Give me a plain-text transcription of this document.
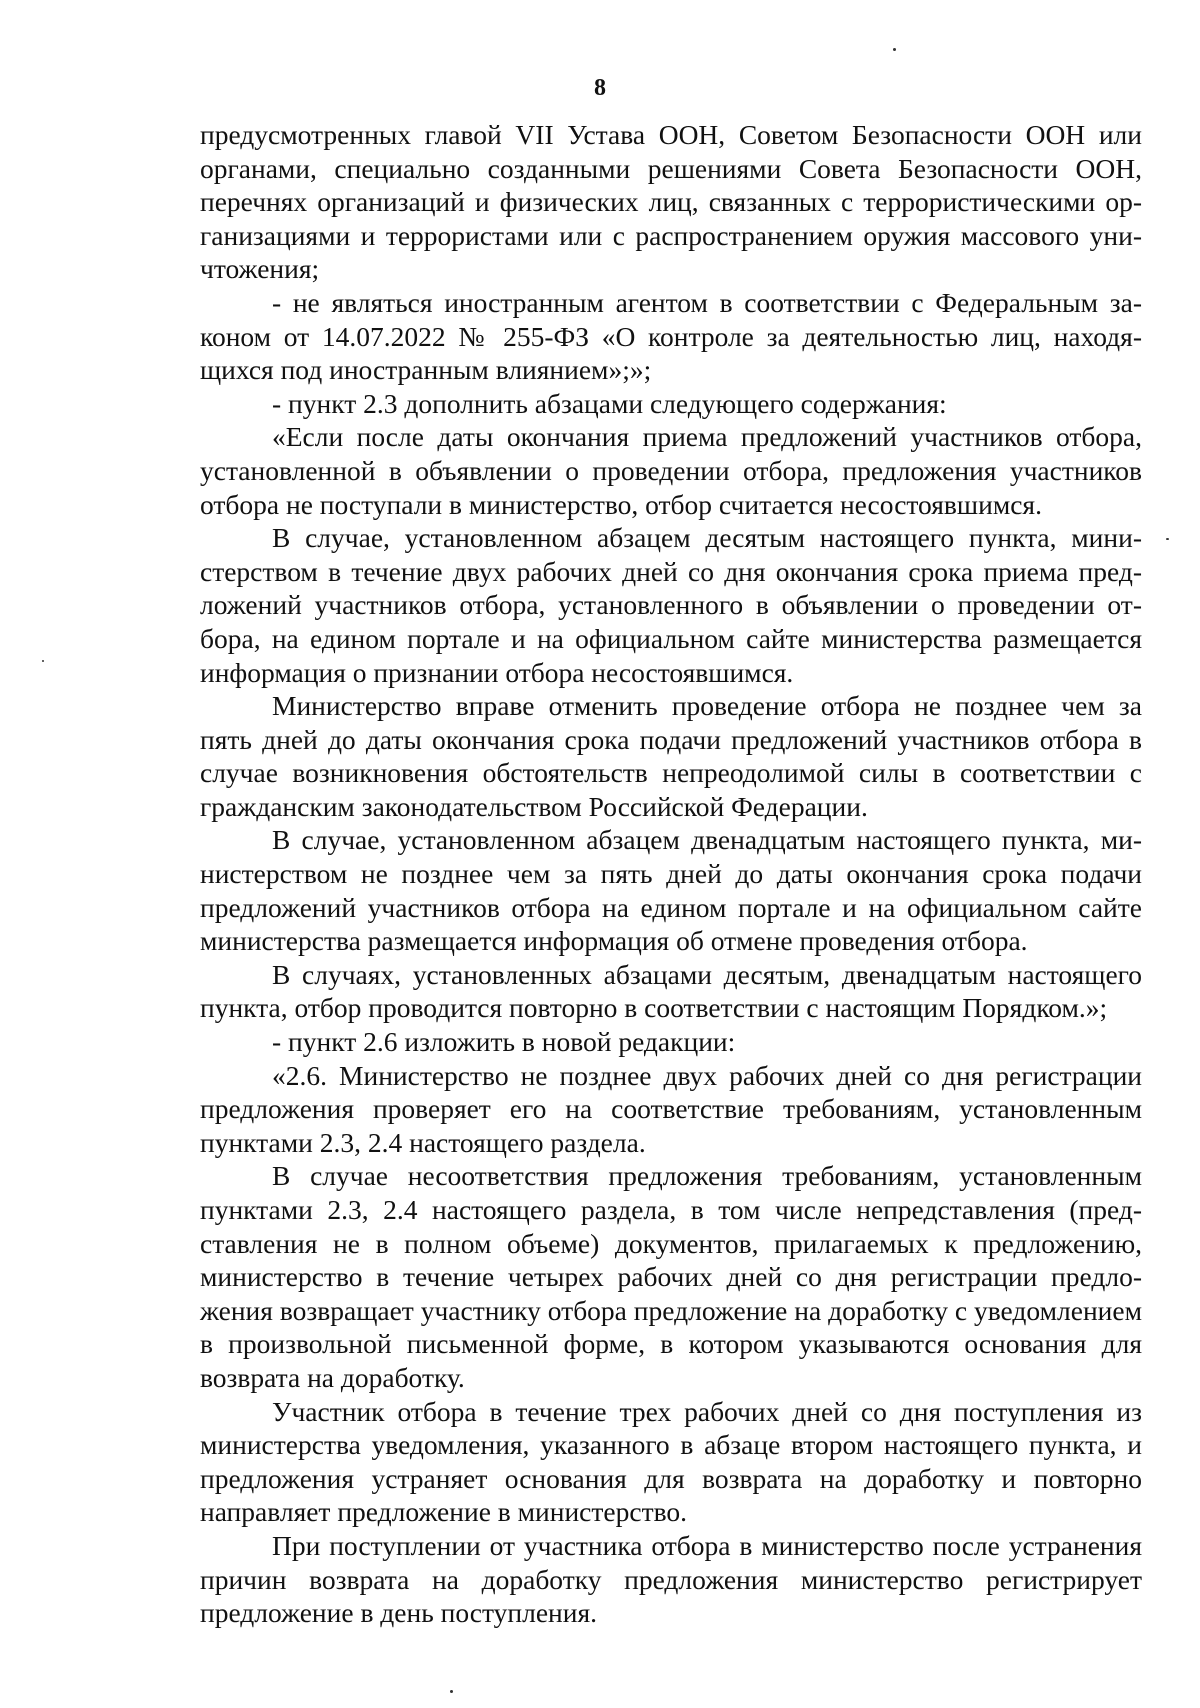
8

предусмотренных главой VII Устава ООН, Советом Безопасности ООН или органами, специально созданными решениями Совета Безопасности ООН, перечнях организаций и физических лиц, связанных с террористическими организациями и террористами или с распространением оружия массового уничтожения;

- не являться иностранным агентом в соответствии с Федеральным законом от 14.07.2022 № 255-ФЗ «О контроле за деятельностью лиц, находящихся под иностранным влиянием»;»;

- пункт 2.3 дополнить абзацами следующего содержания:

«Если после даты окончания приема предложений участников отбора, установленной в объявлении о проведении отбора, предложения участников отбора не поступали в министерство, отбор считается несостоявшимся.

В случае, установленном абзацем десятым настоящего пункта, министерством в течение двух рабочих дней со дня окончания срока приема предложений участников отбора, установленного в объявлении о проведении отбора, на едином портале и на официальном сайте министерства размещается информация о признании отбора несостоявшимся.

Министерство вправе отменить проведение отбора не позднее чем за пять дней до даты окончания срока подачи предложений участников отбора в случае возникновения обстоятельств непреодолимой силы в соответствии с гражданским законодательством Российской Федерации.

В случае, установленном абзацем двенадцатым настоящего пункта, министерством не позднее чем за пять дней до даты окончания срока подачи предложений участников отбора на едином портале и на официальном сайте министерства размещается информация об отмене проведения отбора.

В случаях, установленных абзацами десятым, двенадцатым настоящего пункта, отбор проводится повторно в соответствии с настоящим Порядком.»;

- пункт 2.6 изложить в новой редакции:

«2.6. Министерство не позднее двух рабочих дней со дня регистрации предложения проверяет его на соответствие требованиям, установленным пунктами 2.3, 2.4 настоящего раздела.

В случае несоответствия предложения требованиям, установленным пунктами 2.3, 2.4 настоящего раздела, в том числе непредставления (представления не в полном объеме) документов, прилагаемых к предложению, министерство в течение четырех рабочих дней со дня регистрации предложения возвращает участнику отбора предложение на доработку с уведомлением в произвольной письменной форме, в котором указываются основания для возврата на доработку.

Участник отбора в течение трех рабочих дней со дня поступления из министерства уведомления, указанного в абзаце втором настоящего пункта, и предложения устраняет основания для возврата на доработку и повторно направляет предложение в министерство.

При поступлении от участника отбора в министерство после устранения причин возврата на доработку предложения министерство регистрирует предложение в день поступления.
